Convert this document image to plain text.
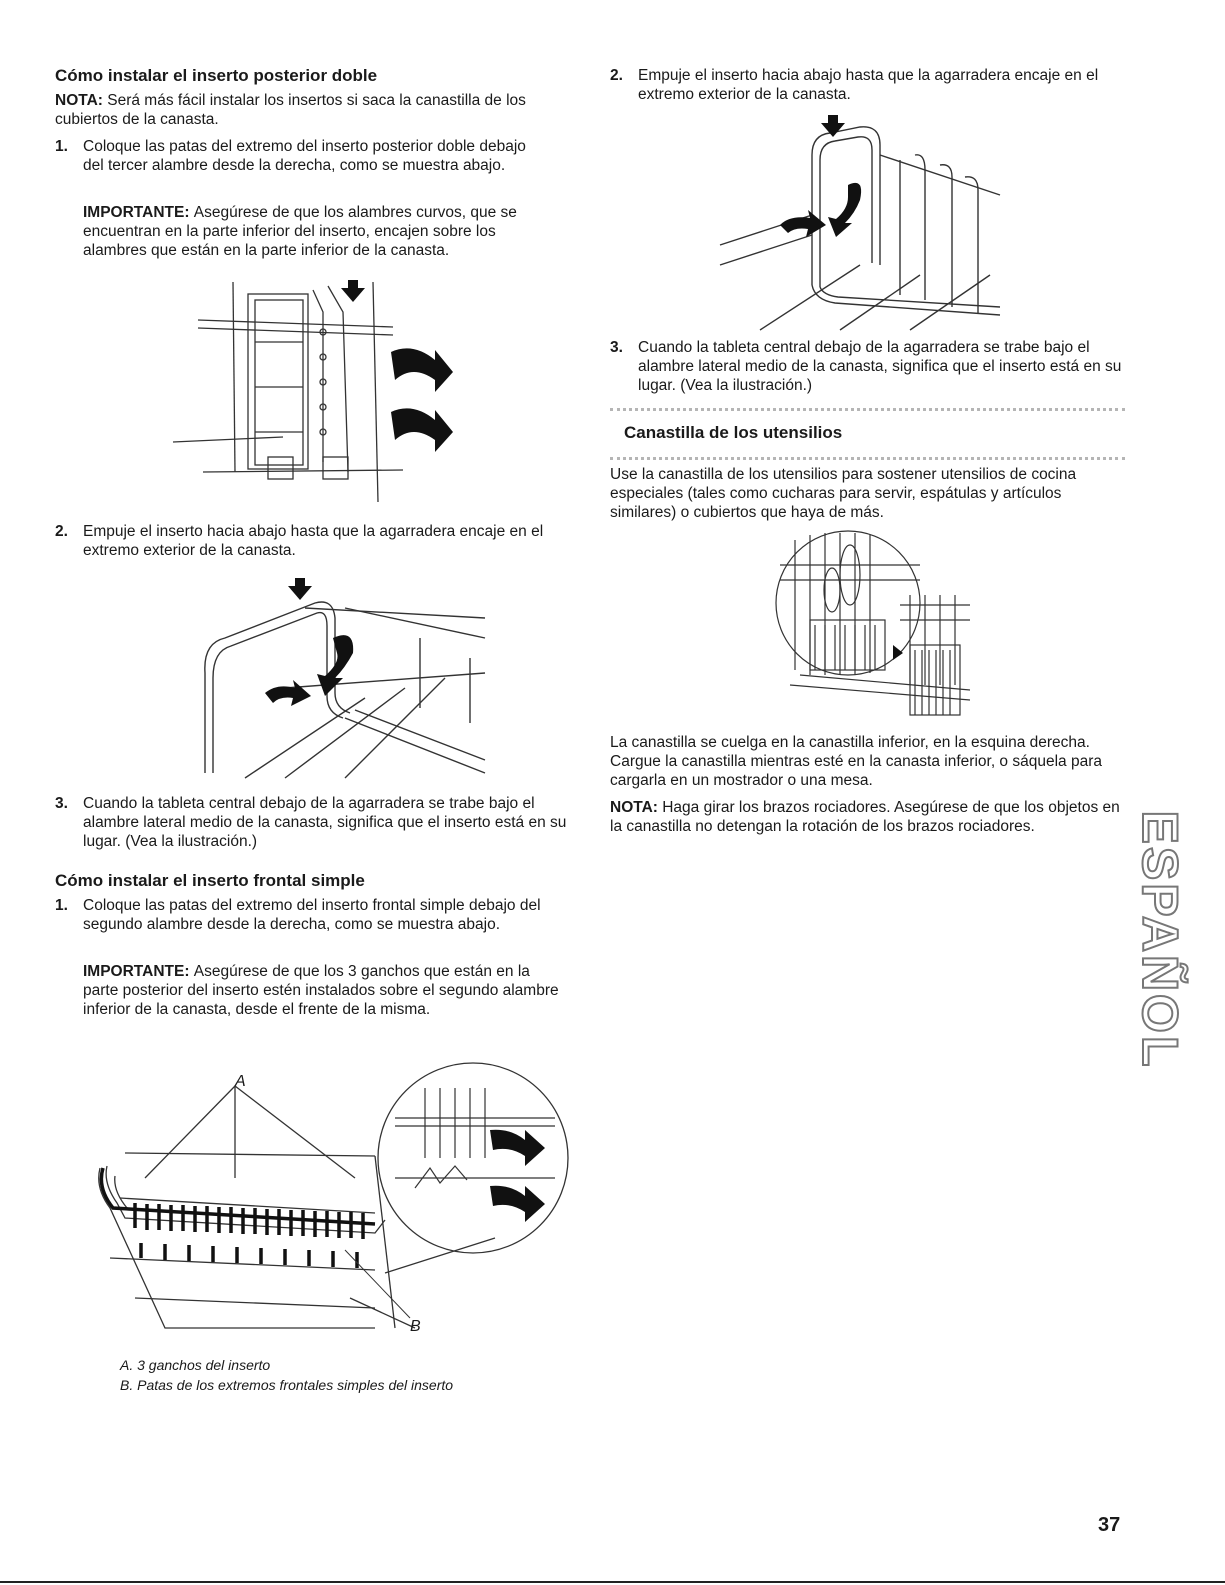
Cómo instalar el inserto posterior doble

NOTA: Será más fácil instalar los insertos si saca la canastilla de los cubiertos de la canasta.

1. Coloque las patas del extremo del inserto posterior doble debajo del tercer alambre desde la derecha, como se muestra abajo.

IMPORTANTE: Asegúrese de que los alambres curvos, que se encuentran en la parte inferior del inserto, encajen sobre los alambres que están en la parte inferior de la canasta.

2. Empuje el inserto hacia abajo hasta que la agarradera encaje en el extremo exterior de la canasta.
3. Cuando la tableta central debajo de la agarradera se trabe bajo el alambre lateral medio de la canasta, significa que el inserto está en su lugar. (Vea la ilustración.)
Cómo instalar el inserto frontal simple
1. Coloque las patas del extremo del inserto frontal simple debajo del segundo alambre desde la derecha, como se muestra abajo.

IMPORTANTE: Asegúrese de que los 3 ganchos que están en la parte posterior del inserto estén instalados sobre el segundo alambre inferior de la canasta, desde el frente de la misma.

A
B
A. 3 ganchos del inserto
B. Patas de los extremos frontales simples del inserto
2. Empuje el inserto hacia abajo hasta que la agarradera encaje en el extremo exterior de la canasta.
3. Cuando la tableta central debajo de la agarradera se trabe bajo el alambre lateral medio de la canasta, significa que el inserto está en su lugar. (Vea la ilustración.)
Canastilla de los utensilios

Use la canastilla de los utensilios para sostener utensilios de cocina especiales (tales como cucharas para servir, espátulas y artículos similares) o cubiertos que haya de más.

La canastilla se cuelga en la canastilla inferior, en la esquina derecha. Cargue la canastilla mientras esté en la canasta inferior, o sáquela para cargarla en un mostrador o una mesa.

NOTA: Haga girar los brazos rociadores. Asegúrese de que los objetos en la canastilla no detengan la rotación de los brazos rociadores.	ESPAÑOL
37
